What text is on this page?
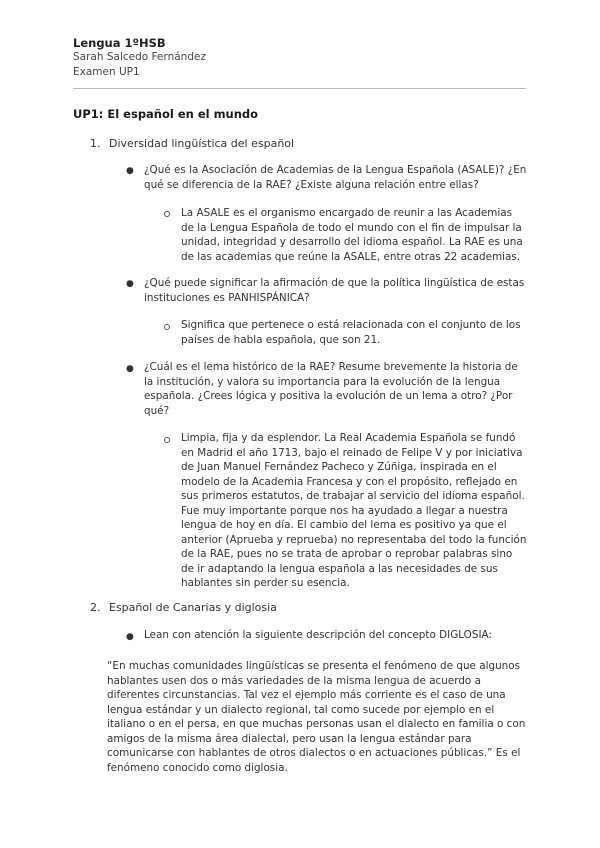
Lengua 1ºHSB
Sarah Salcedo Fernández
Examen UP1
UP1: El español en el mundo
1. Diversidad lingüística del español
● ¿Qué es la Asociación de Academias de la Lengua Española (ASALE)? ¿En qué se diferencia de la RAE? ¿Existe alguna relación entre ellas?
La ASALE es el organismo encargado de reunir a las Academias de la Lengua Española de todo el mundo con el fin de impulsar la unidad, integridad y desarrollo del idioma español. La RAE es una de las academias que reúne la ASALE, entre otras 22 academias.
● ¿Qué puede significar la afirmación de que la política lingüística de estas instituciones es PANHISPÁNICA?
Significa que pertenece o está relacionada con el conjunto de los países de habla española, que son 21.
● ¿Cuál es el lema histórico de la RAE? Resume brevemente la historia de la institución, y valora su importancia para la evolución de la lengua española. ¿Crees lógica y positiva la evolución de un lema a otro? ¿Por qué?
Limpia, fija y da esplendor. La Real Academia Española se fundó en Madrid el año 1713, bajo el reinado de Felipe V y por iniciativa de Juan Manuel Fernández Pacheco y Zúñiga, inspirada en el modelo de la Academia Francesa y con el propósito, reflejado en sus primeros estatutos, de trabajar al servicio del idioma español. Fue muy importante porque nos ha ayudado a llegar a nuestra lengua de hoy en día. El cambio del lema es positivo ya que el anterior (Aprueba y reprueba) no representaba del todo la función de la RAE, pues no se trata de aprobar o reprobar palabras sino de ir adaptando la lengua española a las necesidades de sus hablantes sin perder su esencia.
2. Español de Canarias y diglosia
● Lean con atención la siguiente descripción del concepto DIGLOSIA:
“En muchas comunidades lingüísticas se presenta el fenómeno de que algunos hablantes usen dos o más variedades de la misma lengua de acuerdo a diferentes circunstancias. Tal vez el ejemplo más corriente es el caso de una lengua estándar y un dialecto regional, tal como sucede por ejemplo en el italiano o en el persa, en que muchas personas usan el dialecto en familia o con amigos de la misma área dialectal, pero usan la lengua estándar para comunicarse con hablantes de otros dialectos o en actuaciones públicas.” Es el fenómeno conocido como diglosia.
